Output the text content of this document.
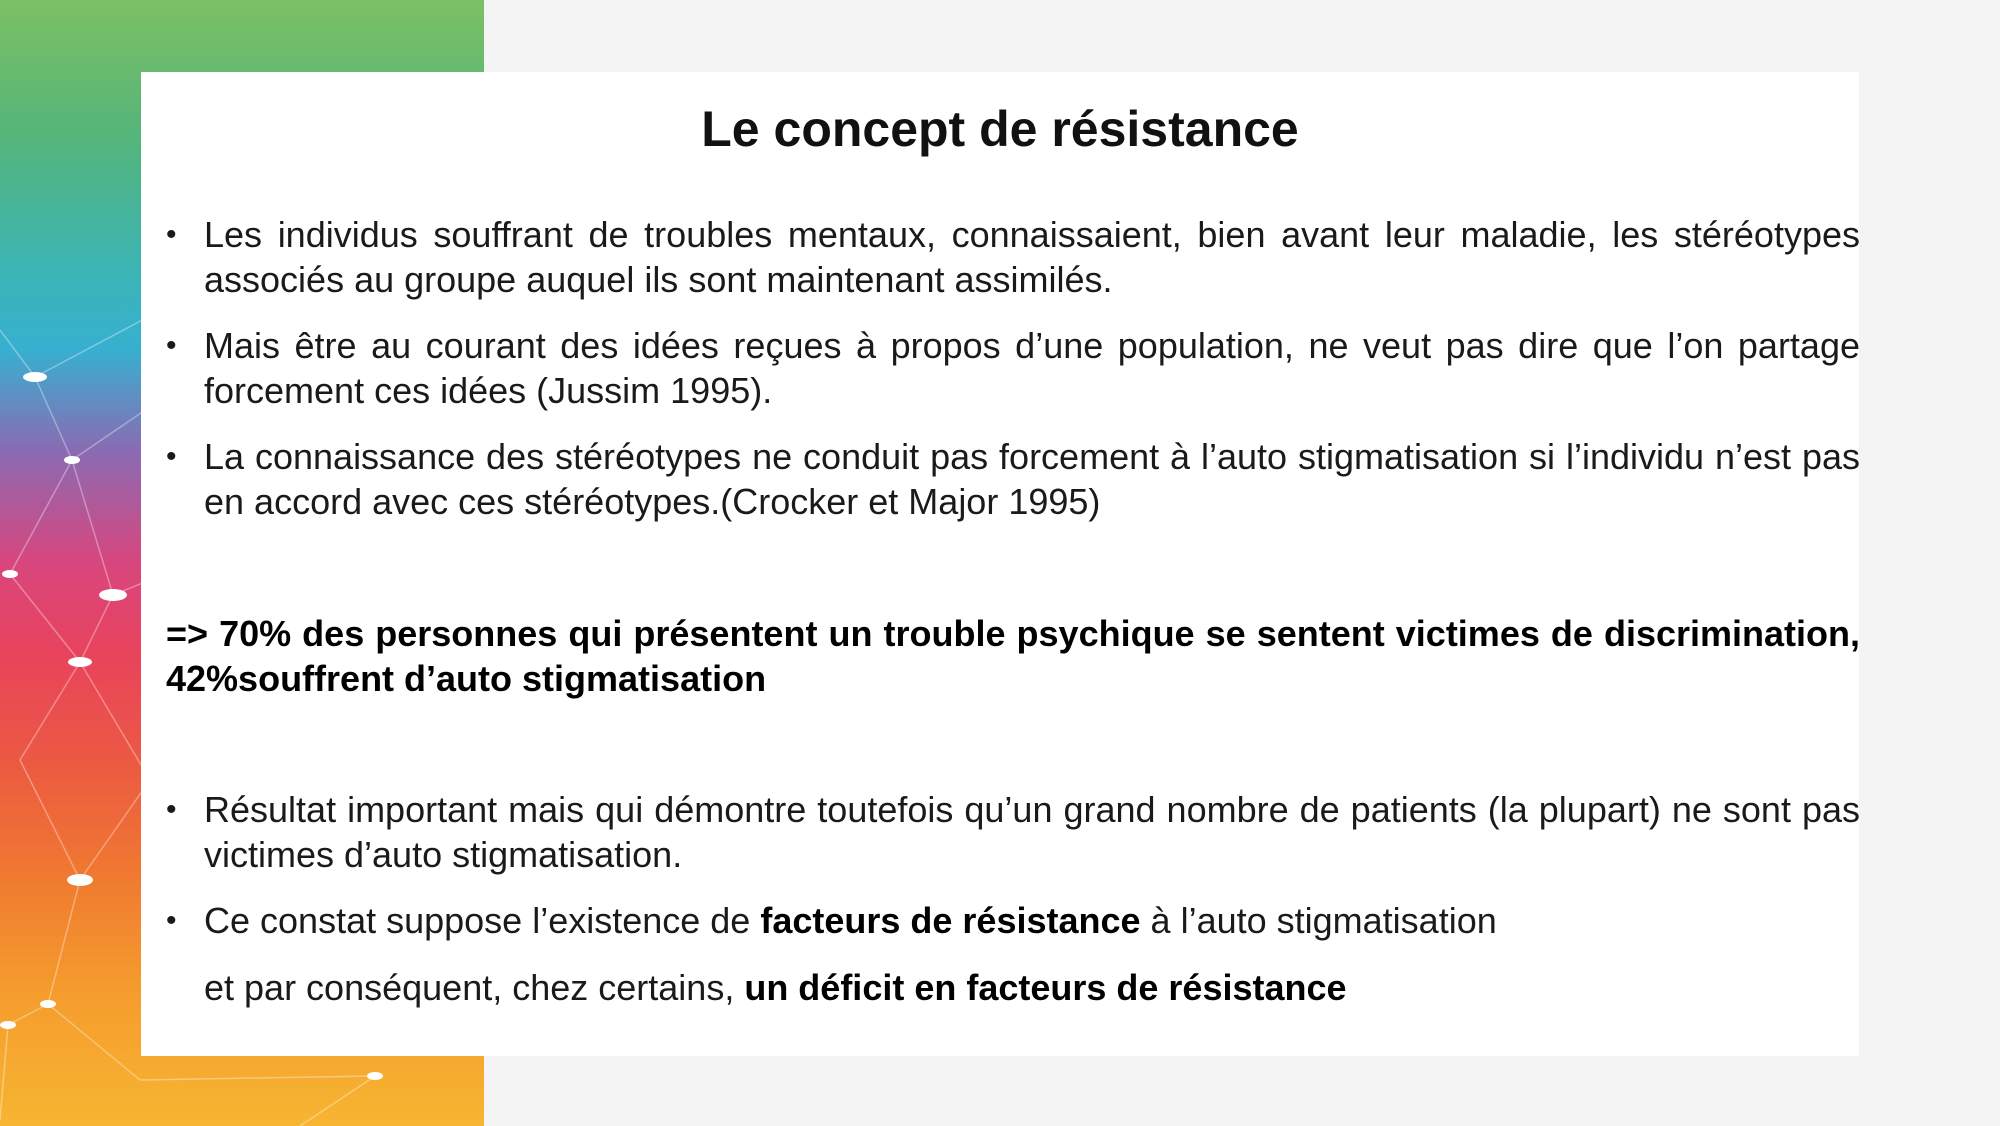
Le concept de résistance
• Les individus souffrant de troubles mentaux, connaissaient, bien avant leur maladie, les stéréotypes associés au groupe auquel ils sont maintenant assimilés.
• Mais être au courant des idées reçues à propos d’une population, ne veut pas dire que l’on partage forcement ces idées (Jussim 1995).
• La connaissance des stéréotypes ne conduit pas forcement à l’auto stigmatisation si l’individu n’est pas en accord avec ces stéréotypes.(Crocker et Major 1995)
=> 70% des personnes qui présentent un trouble psychique se sentent victimes de discrimination, 42%souffrent d’auto stigmatisation
• Résultat important mais qui démontre toutefois qu’un grand nombre de patients (la plupart) ne sont pas victimes d’auto stigmatisation.
• Ce constat suppose l’existence de facteurs de résistance à l’auto stigmatisation
et par conséquent, chez certains, un déficit en facteurs de résistance
